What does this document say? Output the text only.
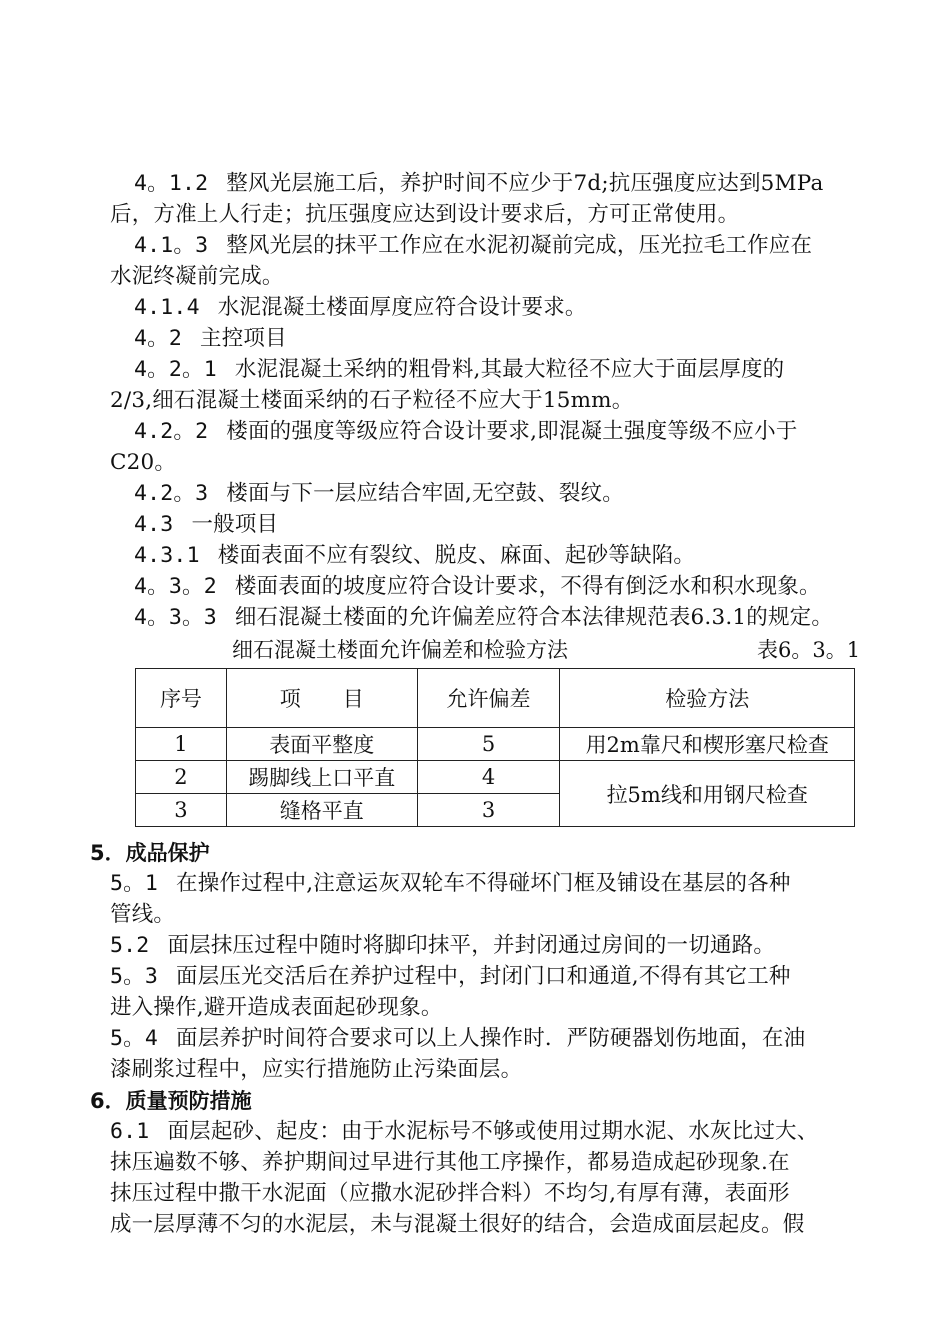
4。1.2 整风光层施工后，养护时间不应少于7d;抗压强度应达到5MPa
后，方准上人行走；抗压强度应达到设计要求后，方可正常使用。
4.1。3 整风光层的抹平工作应在水泥初凝前完成，压光拉毛工作应在
水泥终凝前完成。
4.1.4 水泥混凝土楼面厚度应符合设计要求。
4。2 主控项目
4。2。1 水泥混凝土采纳的粗骨料,其最大粒径不应大于面层厚度的
2/3,细石混凝土楼面采纳的石子粒径不应大于15mm。
4.2。2 楼面的强度等级应符合设计要求,即混凝土强度等级不应小于
C20。
4.2。3 楼面与下一层应结合牢固,无空鼓、裂纹。
4.3 一般项目
4.3.1 楼面表面不应有裂纹、脱皮、麻面、起砂等缺陷。
4。3。2 楼面表面的坡度应符合设计要求，不得有倒泛水和积水现象。
4。3。3 细石混凝土楼面的允许偏差应符合本法律规范表6.3.1的规定。
细石混凝土楼面允许偏差和检验方法	表6。3。1
序号	项　　目	允许偏差	检验方法
1	表面平整度	5	用2m靠尺和楔形塞尺检查
2	踢脚线上口平直	4	拉5m线和用钢尺检查
3	缝格平直	3	
5．成品保护
5。1 在操作过程中,注意运灰双轮车不得碰坏门框及铺设在基层的各种
管线。
5.2 面层抹压过程中随时将脚印抹平，并封闭通过房间的一切通路。
5。3 面层压光交活后在养护过程中，封闭门口和通道,不得有其它工种
进入操作,避开造成表面起砂现象。
5。4 面层养护时间符合要求可以上人操作时．严防硬器划伤地面，在油
漆刷浆过程中，应实行措施防止污染面层。
6．质量预防措施
6.1 面层起砂、起皮：由于水泥标号不够或使用过期水泥、水灰比过大、
抹压遍数不够、养护期间过早进行其他工序操作，都易造成起砂现象.在
抹压过程中撒干水泥面（应撒水泥砂拌合料）不均匀,有厚有薄，表面形
成一层厚薄不匀的水泥层，未与混凝土很好的结合，会造成面层起皮。假
